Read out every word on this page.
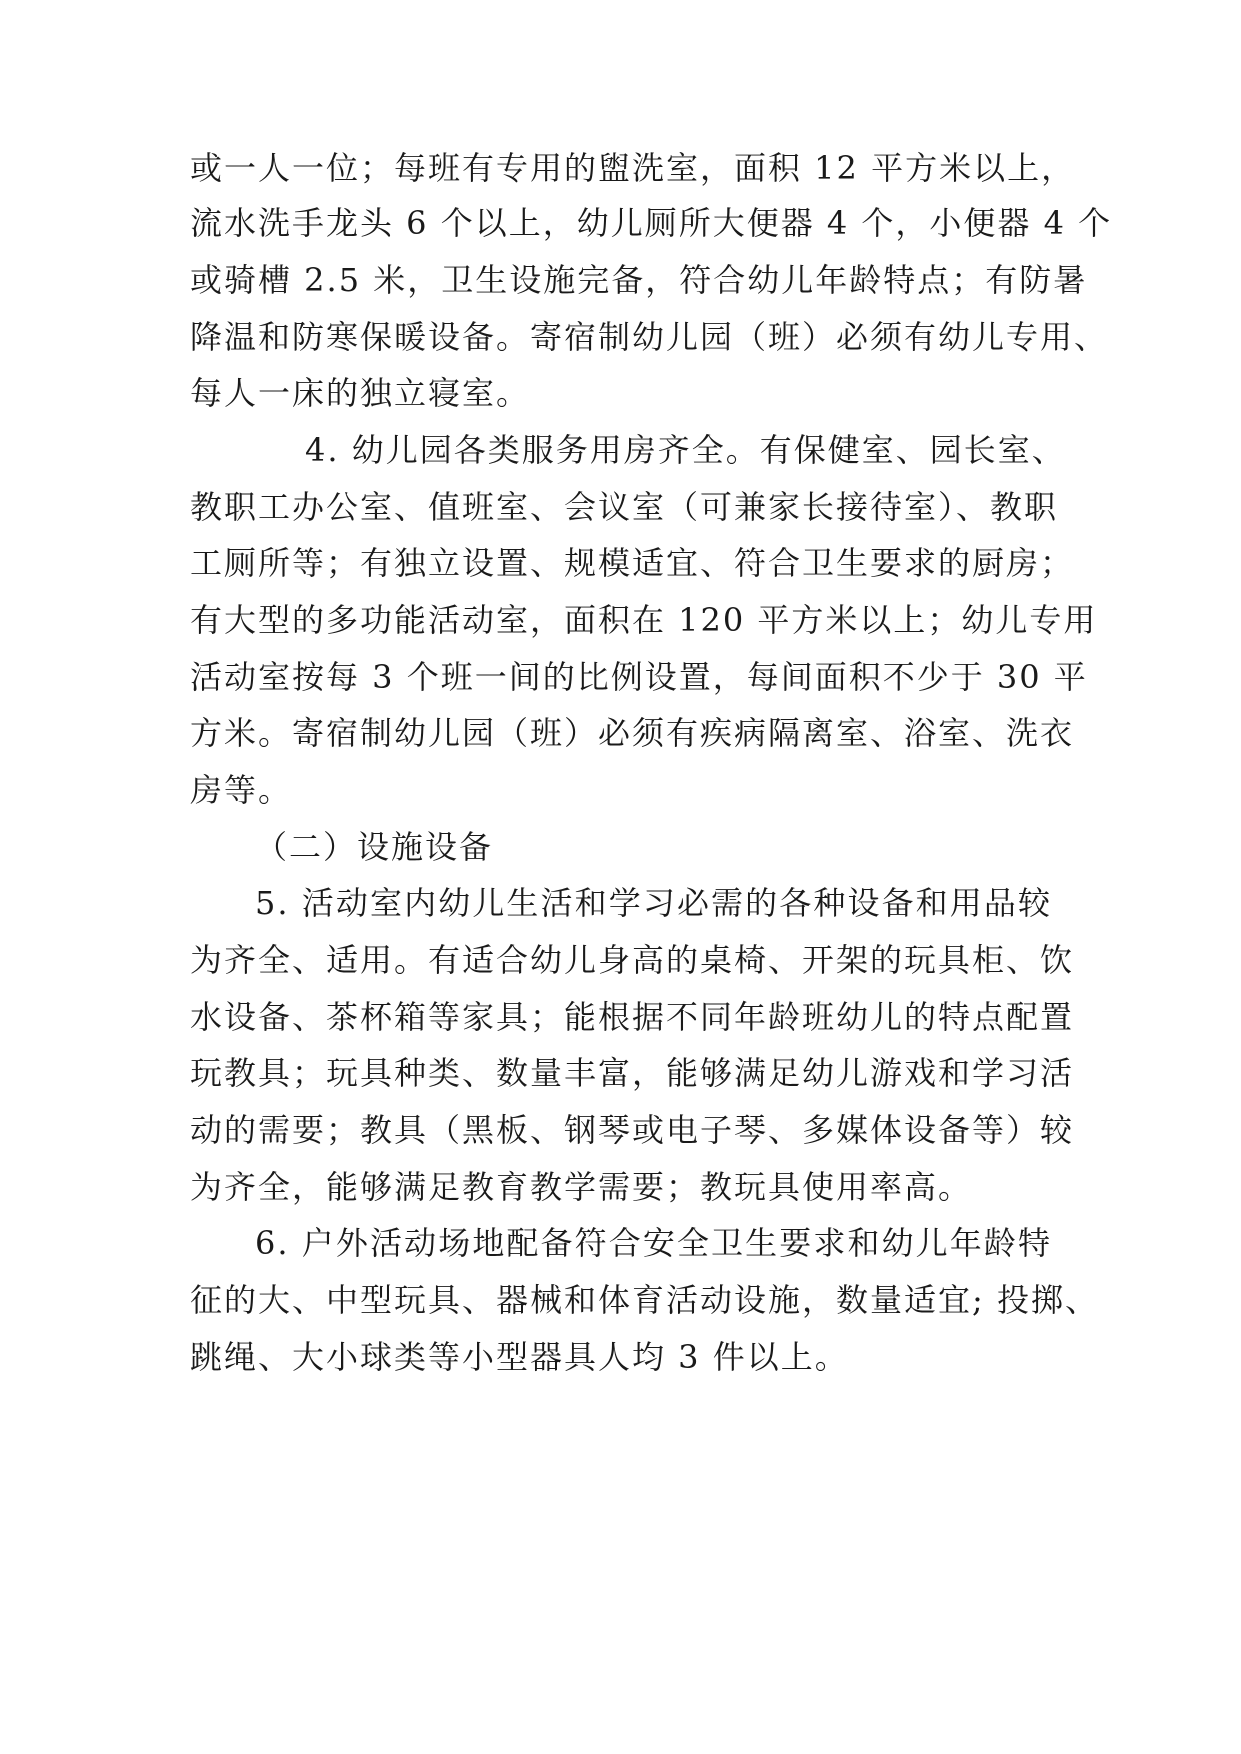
或一人一位；每班有专用的盥洗室，面积 12 平方米以上，
流水洗手龙头 6 个以上，幼儿厕所大便器 4 个，小便器 4 个
或骑槽 2.5 米，卫生设施完备，符合幼儿年龄特点；有防暑
降温和防寒保暖设备。寄宿制幼儿园（班）必须有幼儿专用、
每人一床的独立寝室。
4. 幼儿园各类服务用房齐全。有保健室、园长室、
教职工办公室、值班室、会议室（可兼家长接待室）、教职
工厕所等；有独立设置、规模适宜、符合卫生要求的厨房；
有大型的多功能活动室，面积在 120 平方米以上；幼儿专用
活动室按每 3 个班一间的比例设置，每间面积不少于 30 平
方米。寄宿制幼儿园（班）必须有疾病隔离室、浴室、洗衣
房等。
（二）设施设备
5. 活动室内幼儿生活和学习必需的各种设备和用品较
为齐全、适用。有适合幼儿身高的桌椅、开架的玩具柜、饮
水设备、茶杯箱等家具；能根据不同年龄班幼儿的特点配置
玩教具；玩具种类、数量丰富，能够满足幼儿游戏和学习活
动的需要；教具（黑板、钢琴或电子琴、多媒体设备等）较
为齐全，能够满足教育教学需要；教玩具使用率高。
6. 户外活动场地配备符合安全卫生要求和幼儿年龄特
征的大、中型玩具、器械和体育活动设施，数量适宜; 投掷、
跳绳、大小球类等小型器具人均 3 件以上。
